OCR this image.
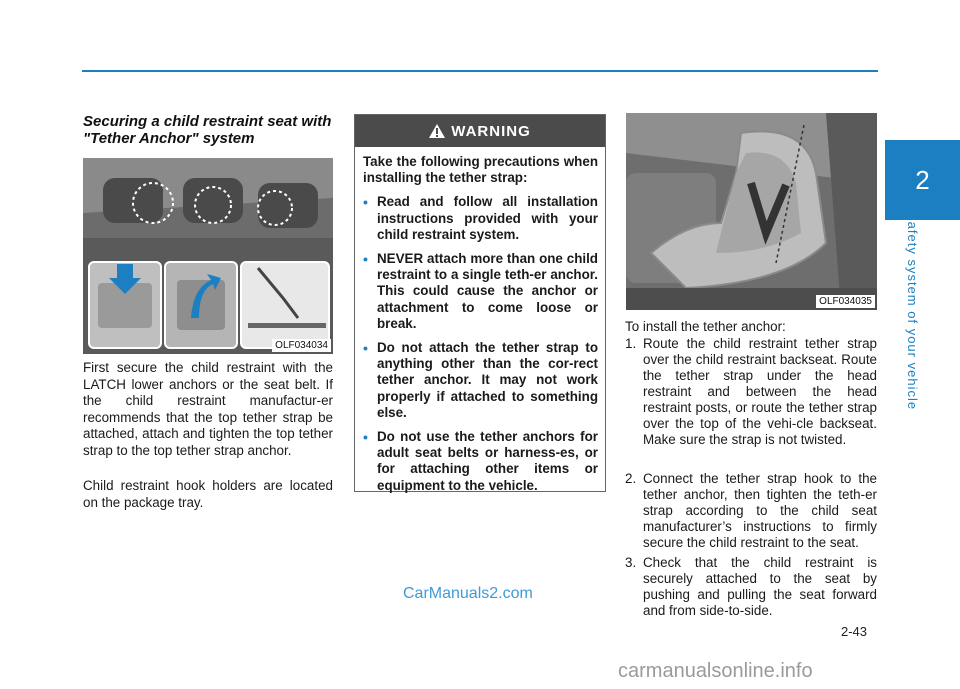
2
Safety system of your vehicle
Securing a child restraint seat with "Tether Anchor" system
OLF034034
First secure the child restraint with the LATCH lower anchors or the seat belt. If the child restraint manufactur-er recommends that the top tether strap be attached, attach and tighten the top tether strap to the top tether strap anchor.
Child restraint hook holders are located on the package tray.
WARNING
Take the following precautions when installing the tether strap:
• Read and follow all installation instructions provided with your child restraint system.
• NEVER attach more than one child restraint to a single teth-er anchor. This could cause the anchor or attachment to come loose or break.
• Do not attach the tether strap to anything other than the cor-rect tether anchor. It may not work properly if attached to something else.
• Do not use the tether anchors for adult seat belts or harness-es, or for attaching other items or equipment to the vehicle.
OLF034035
To install the tether anchor:
1. Route the child restraint tether strap over the child restraint backseat. Route the tether strap under the head restraint and between the head restraint posts, or route the tether strap over the top of the vehi-cle backseat. Make sure the strap is not twisted.
2. Connect the tether strap hook to the tether anchor, then tighten the teth-er strap according to the child seat manufacturer’s instructions to firmly secure the child restraint to the seat.
3. Check that the child restraint is securely attached to the seat by pushing and pulling the seat forward and from side-to-side.
CarManuals2.com
2-43
carmanualsonline.info
